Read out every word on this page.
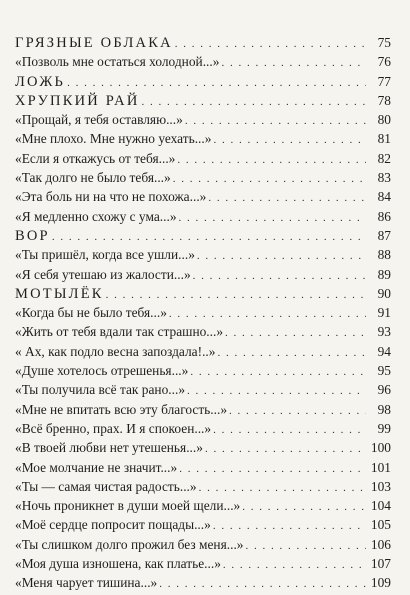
ГРЯЗНЫЕ ОБЛАКА . . .	75
«Позволь мне остаться холодной...» . . .	76
ЛОЖЬ . . .	77
ХРУПКИЙ РАЙ . . .	78
«Прощай, я тебя оставляю...» . . .	80
«Мне плохо. Мне нужно уехать...» . . .	81
«Если я откажусь от тебя...» . . .	82
«Так долго не было тебя...» . . .	83
«Эта боль ни на что не похожа...» . . .	84
«Я медленно схожу с ума...» . . .	86
ВОР . . .	87
«Ты пришёл, когда все ушли...» . . .	88
«Я себя утешаю из жалости...» . . .	89
МОТЫЛЁК . . .	90
«Когда бы не было тебя...» . . .	91
«Жить от тебя вдали так страшно...» . . .	93
« Ах, как подло весна запоздала!..» . . .	94
«Душе хотелось отрешенья...» . . .	95
«Ты получила всё так рано...» . . .	96
«Мне не впитать всю эту благость...» . . .	98
«Всё бренно, прах. И я спокоен...» . . .	99
«В твоей любви нет утешенья...» . . .	100
«Мое молчание не значит...» . . .	101
«Ты — самая чистая радость...» . . .	103
«Ночь проникнет в души моей щели...» . . .	104
«Моё сердце попросит пощады...» . . .	105
«Ты слишком долго прожил без меня...» . . .	106
«Моя душа изношена, как платье...» . . .	107
«Меня чарует тишина...» . . .	109
